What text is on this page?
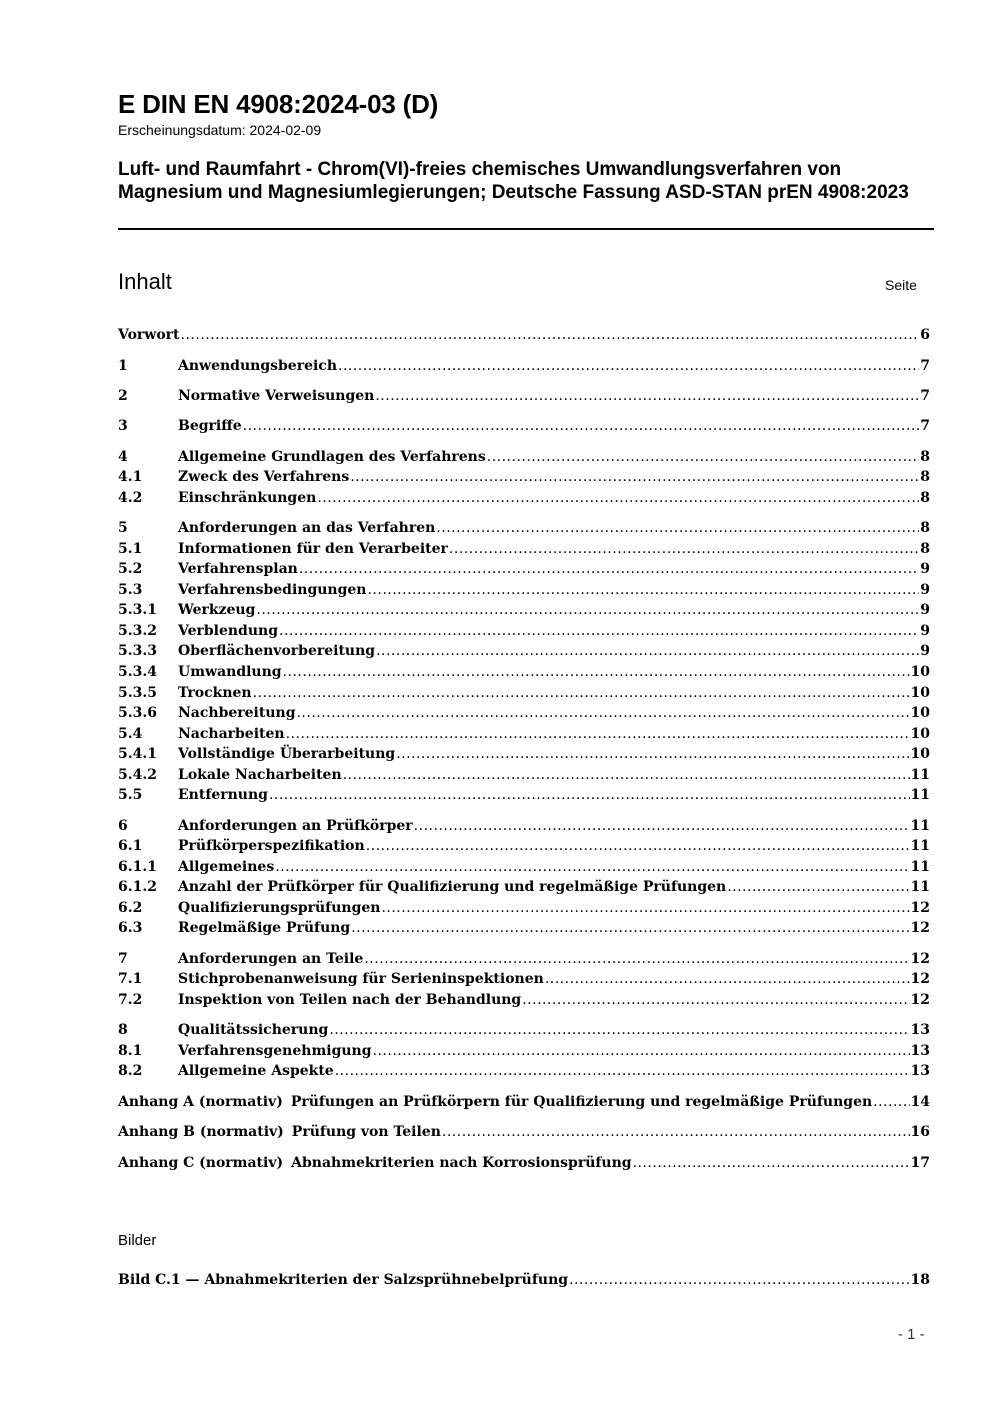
E DIN EN 4908:2024-03 (D)
Erscheinungsdatum: 2024-02-09
Luft- und Raumfahrt - Chrom(VI)-freies chemisches Umwandlungsverfahren von Magnesium und Magnesiumlegierungen; Deutsche Fassung ASD-STAN prEN 4908:2023
Inhalt	Seite
Vorwort .....	6
1	Anwendungsbereich .....	7
2	Normative Verweisungen .....	7
3	Begriffe .....	7
4	Allgemeine Grundlagen des Verfahrens .....	8
4.1	Zweck des Verfahrens .....	8
4.2	Einschränkungen .....	8
5	Anforderungen an das Verfahren .....	8
5.1	Informationen für den Verarbeiter .....	8
5.2	Verfahrensplan .....	9
5.3	Verfahrensbedingungen .....	9
5.3.1	Werkzeug .....	9
5.3.2	Verblendung .....	9
5.3.3	Oberflächenvorbereitung .....	9
5.3.4	Umwandlung .....	10
5.3.5	Trocknen .....	10
5.3.6	Nachbereitung .....	10
5.4	Nacharbeiten .....	10
5.4.1	Vollständige Überarbeitung .....	10
5.4.2	Lokale Nacharbeiten .....	11
5.5	Entfernung .....	11
6	Anforderungen an Prüfkörper .....	11
6.1	Prüfkörperspezifikation .....	11
6.1.1	Allgemeines .....	11
6.1.2	Anzahl der Prüfkörper für Qualifizierung und regelmäßige Prüfungen .....	11
6.2	Qualifizierungsprüfungen .....	12
6.3	Regelmäßige Prüfung .....	12
7	Anforderungen an Teile .....	12
7.1	Stichprobenanweisung für Serieninspektionen .....	12
7.2	Inspektion von Teilen nach der Behandlung .....	12
8	Qualitätssicherung .....	13
8.1	Verfahrensgenehmigung .....	13
8.2	Allgemeine Aspekte .....	13
Anhang A (normativ) Prüfungen an Prüfkörpern für Qualifizierung und regelmäßige Prüfungen .....	14
Anhang B (normativ) Prüfung von Teilen .....	16
Anhang C (normativ) Abnahmekriterien nach Korrosionsprüfung .....	17
Bilder
Bild C.1 — Abnahmekriterien der Salzsprühnebelprüfung .....	18
- 1 -
